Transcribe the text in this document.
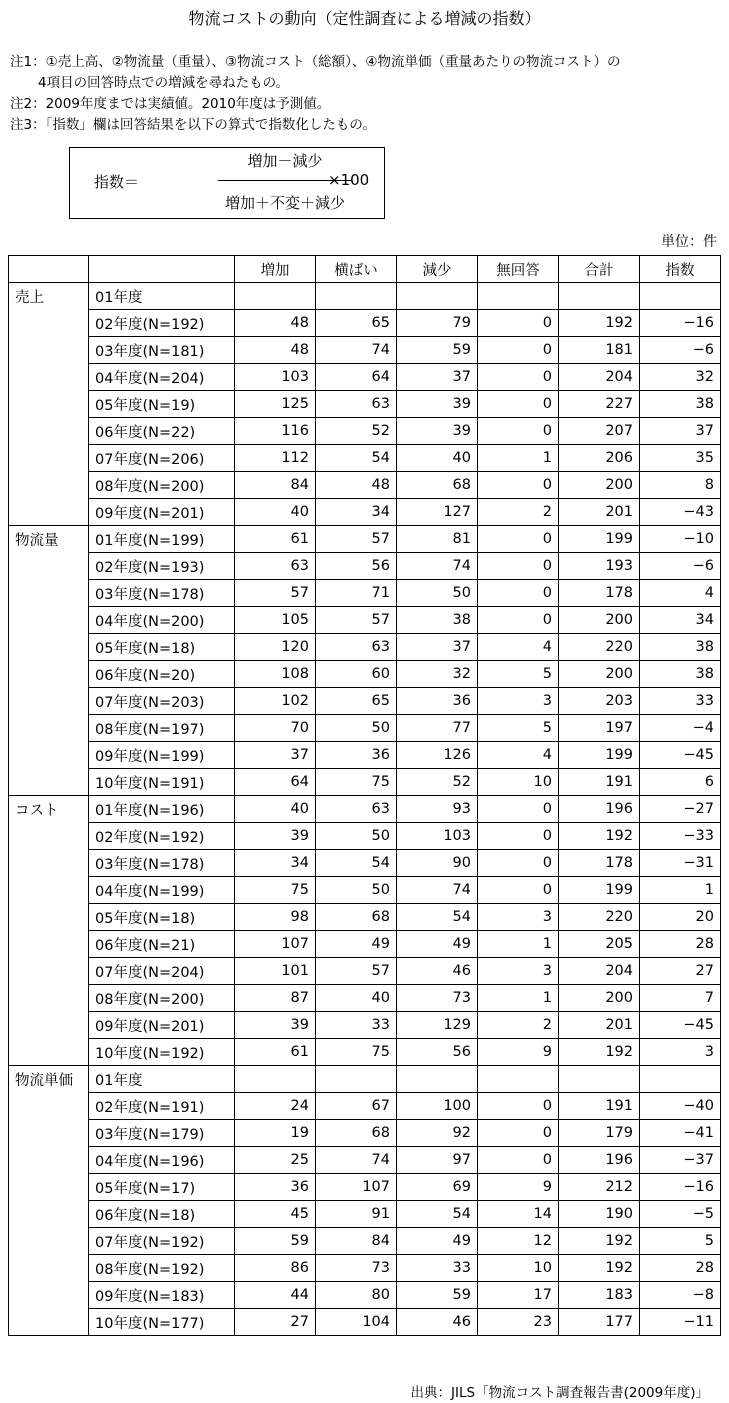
物流コストの動向（定性調査による増減の指数）
注1：①売上高、②物流量（重量）、③物流コスト（総額）、④物流単価（重量あたりの物流コスト）の
4項目の回答時点での増減を尋ねたもの。
注2：2009年度までは実績値。2010年度は予測値。
注3：「指数」欄は回答結果を以下の算式で指数化したもの。
指数＝
増加－減少
増加＋不変＋減少
×100
単位：件
		増加	横ばい	減少	無回答	合計	指数
売上	01年度						
	02年度(N=192)	48	65	79	0	192	−16
	03年度(N=181)	48	74	59	0	181	−6
	04年度(N=204)	103	64	37	0	204	32
	05年度(N=19)	125	63	39	0	227	38
	06年度(N=22)	116	52	39	0	207	37
	07年度(N=206)	112	54	40	1	206	35
	08年度(N=200)	84	48	68	0	200	8
	09年度(N=201)	40	34	127	2	201	−43
物流量	01年度(N=199)	61	57	81	0	199	−10
	02年度(N=193)	63	56	74	0	193	−6
	03年度(N=178)	57	71	50	0	178	4
	04年度(N=200)	105	57	38	0	200	34
	05年度(N=18)	120	63	37	4	220	38
	06年度(N=20)	108	60	32	5	200	38
	07年度(N=203)	102	65	36	3	203	33
	08年度(N=197)	70	50	77	5	197	−4
	09年度(N=199)	37	36	126	4	199	−45
	10年度(N=191)	64	75	52	10	191	6
コスト	01年度(N=196)	40	63	93	0	196	−27
	02年度(N=192)	39	50	103	0	192	−33
	03年度(N=178)	34	54	90	0	178	−31
	04年度(N=199)	75	50	74	0	199	1
	05年度(N=18)	98	68	54	3	220	20
	06年度(N=21)	107	49	49	1	205	28
	07年度(N=204)	101	57	46	3	204	27
	08年度(N=200)	87	40	73	1	200	7
	09年度(N=201)	39	33	129	2	201	−45
	10年度(N=192)	61	75	56	9	192	3
物流単価	01年度						
	02年度(N=191)	24	67	100	0	191	−40
	03年度(N=179)	19	68	92	0	179	−41
	04年度(N=196)	25	74	97	0	196	−37
	05年度(N=17)	36	107	69	9	212	−16
	06年度(N=18)	45	91	54	14	190	−5
	07年度(N=192)	59	84	49	12	192	5
	08年度(N=192)	86	73	33	10	192	28
	09年度(N=183)	44	80	59	17	183	−8
	10年度(N=177)	27	104	46	23	177	−11
出典：JILS「物流コスト調査報告書(2009年度)」
